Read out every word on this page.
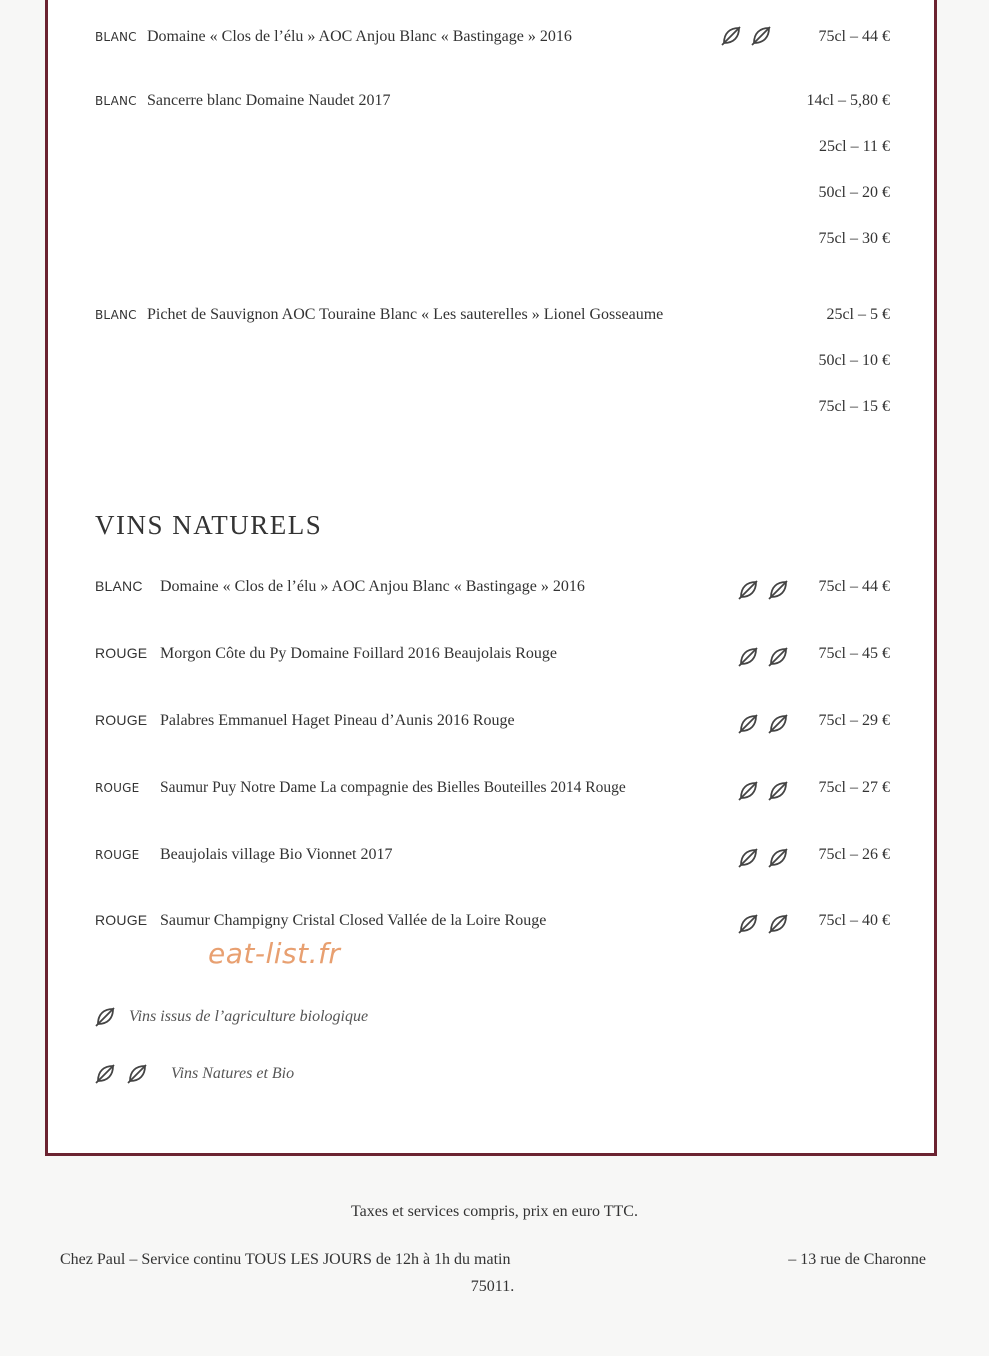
BLANC Domaine « Clos de l’élu » AOC Anjou Blanc « Bastingage » 2016	75cl – 44 €
BLANC Sancerre blanc Domaine Naudet 2017	14cl – 5,80 €
25cl – 11 €
50cl – 20 €
75cl – 30 €
BLANC Pichet de Sauvignon AOC Touraine Blanc « Les sauterelles » Lionel Gosseaume	25cl – 5 €
50cl – 10 €
75cl – 15 €
VINS NATURELS
BLANC Domaine « Clos de l’élu » AOC Anjou Blanc « Bastingage » 2016	75cl – 44 €
ROUGE Morgon Côte du Py Domaine Foillard 2016 Beaujolais Rouge	75cl – 45 €
ROUGE Palabres Emmanuel Haget Pineau d’Aunis 2016 Rouge	75cl – 29 €
ROUGE Saumur Puy Notre Dame La compagnie des Bielles Bouteilles 2014 Rouge	75cl – 27 €
ROUGE Beaujolais village Bio Vionnet 2017	75cl – 26 €
ROUGE Saumur Champigny Cristal Closed Vallée de la Loire Rouge	75cl – 40 €
eat-list.fr
Vins issus de l’agriculture biologique
Vins Natures et Bio
Taxes et services compris, prix en euro TTC.
Chez Paul – Service continu TOUS LES JOURS de 12h à 1h du matin	– 13 rue de Charonne
75011.
